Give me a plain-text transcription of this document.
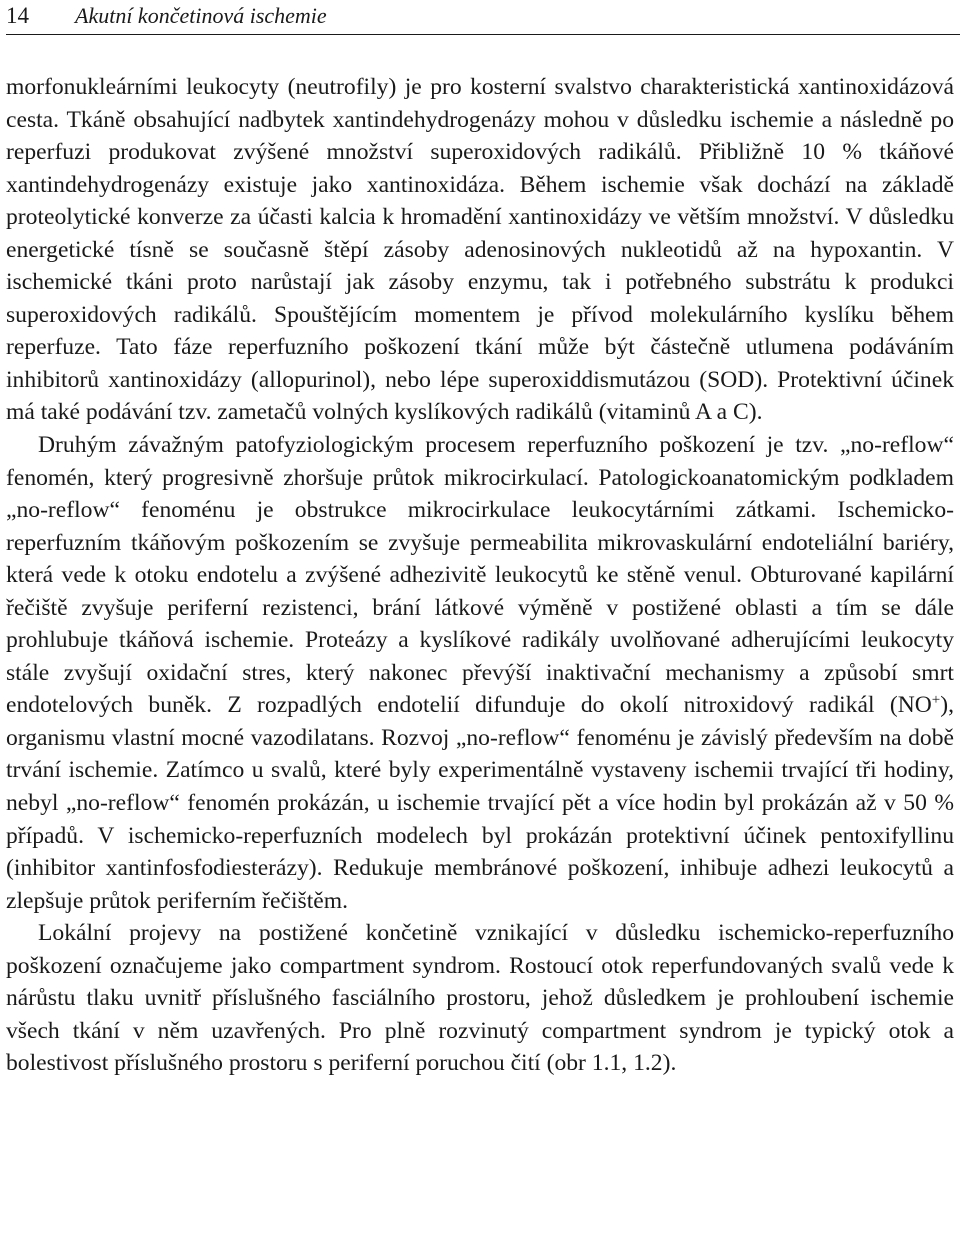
14 Akutní končetinová ischemie

morfonukleárními leukocyty (neutrofily) je pro kosterní svalstvo charakteristická xantinoxidázová cesta. Tkáně obsahující nadbytek xantindehydrogenázy mohou v důsledku ischemie a následně po reperfuzi produkovat zvýšené množství superoxidových radikálů. Přibližně 10 % tkáňové xantindehydrogenázy existuje jako xantinoxidáza. Během ischemie však dochází na základě proteolytické konverze za účasti kalcia k hromadění xantinoxidázy ve větším množství. V důsledku energetické tísně se současně štěpí zásoby adenosinových nukleotidů až na hypoxantin. V ischemické tkáni proto narůstají jak zásoby enzymu, tak i potřebného substrátu k produkci superoxidových radikálů. Spouštějícím momentem je přívod molekulárního kyslíku během reperfuze. Tato fáze reperfuzního poškození tkání může být částečně utlumena podáváním inhibitorů xantinoxidázy (allopurinol), nebo lépe superoxiddismutázou (SOD). Protektivní účinek má také podávání tzv. zametačů volných kyslíkových radikálů (vitaminů A a C).

Druhým závažným patofyziologickým procesem reperfuzního poškození je tzv. „no-reflow“ fenomén, který progresivně zhoršuje průtok mikrocirkulací. Patologickoanatomickým podkladem „no-reflow“ fenoménu je obstrukce mikrocirkulace leukocytárními zátkami. Ischemicko-reperfuzním tkáňovým poškozením se zvyšuje permeabilita mikrovaskulární endoteliální bariéry, která vede k otoku endotelu a zvýšené adhezivitě leukocytů ke stěně venul. Obturované kapilární řečiště zvyšuje periferní rezistenci, brání látkové výměně v postižené oblasti a tím se dále prohlubuje tkáňová ischemie. Proteázy a kyslíkové radikály uvolňované adherujícími leukocyty stále zvyšují oxidační stres, který nakonec převýší inaktivační mechanismy a způsobí smrt endotelových buněk. Z rozpadlých endotelií difunduje do okolí nitroxidový radikál (NO+), organismu vlastní mocné vazodilatans. Rozvoj „no-reflow“ fenoménu je závislý především na době trvání ischemie. Zatímco u svalů, které byly experimentálně vystaveny ischemii trvající tři hodiny, nebyl „no-reflow“ fenomén prokázán, u ischemie trvající pět a více hodin byl prokázán až v 50 % případů. V ischemicko-reperfuzních modelech byl prokázán protektivní účinek pentoxifyllinu (inhibitor xantinfosfodiesterázy). Redukuje membránové poškození, inhibuje adhezi leukocytů a zlepšuje průtok periferním řečištěm.

Lokální projevy na postižené končetině vznikající v důsledku ischemicko-reperfuzního poškození označujeme jako compartment syndrom. Rostoucí otok reperfundovaných svalů vede k nárůstu tlaku uvnitř příslušného fasciálního prostoru, jehož důsledkem je prohloubení ischemie všech tkání v něm uzavřených. Pro plně rozvinutý compartment syndrom je typický otok a bolestivost příslušného prostoru s periferní poruchou čití (obr 1.1, 1.2).
